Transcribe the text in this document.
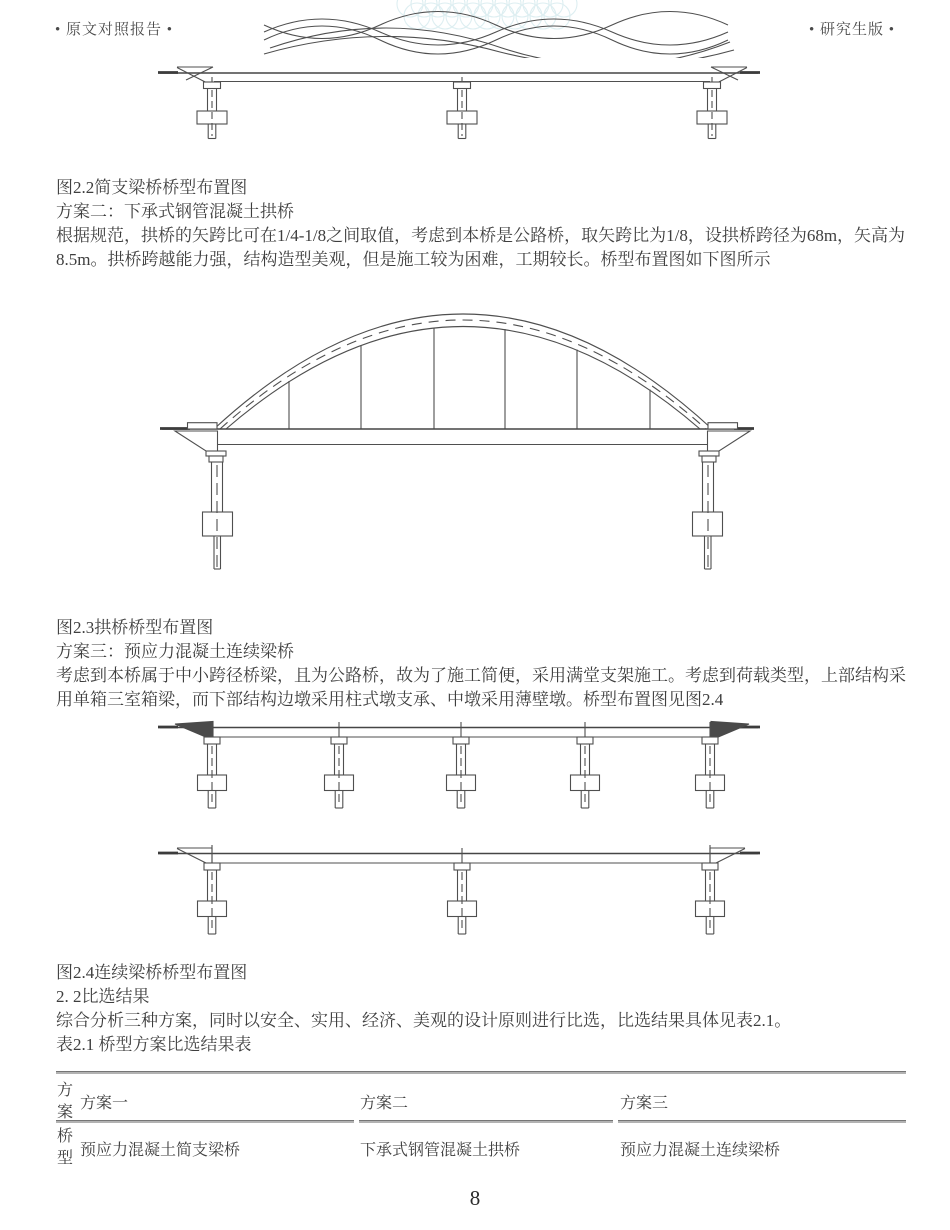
• 原文对照报告 •	• 研究生版 •
图2.2简支梁桥桥型布置图
方案二：下承式钢管混凝土拱桥
根据规范，拱桥的矢跨比可在1/4-1/8之间取值，考虑到本桥是公路桥，取矢跨比为1/8，设拱桥跨径为68m，矢高为
8.5m。拱桥跨越能力强，结构造型美观，但是施工较为困难，工期较长。桥型布置图如下图所示
图2.3拱桥桥型布置图
方案三：预应力混凝土连续梁桥
考虑到本桥属于中小跨径桥梁，且为公路桥，故为了施工简便，采用满堂支架施工。考虑到荷载类型，上部结构采
用单箱三室箱梁，而下部结构边墩采用柱式墩支承、中墩采用薄壁墩。桥型布置图见图2.4
图2.4连续梁桥桥型布置图
2. 2比选结果
综合分析三种方案，同时以安全、实用、经济、美观的设计原则进行比选，比选结果具体见表2.1。
表2.1 桥型方案比选结果表
方案 方案一	方案二	方案三
桥型 预应力混凝土简支梁桥	下承式钢管混凝土拱桥	预应力混凝土连续梁桥
8
